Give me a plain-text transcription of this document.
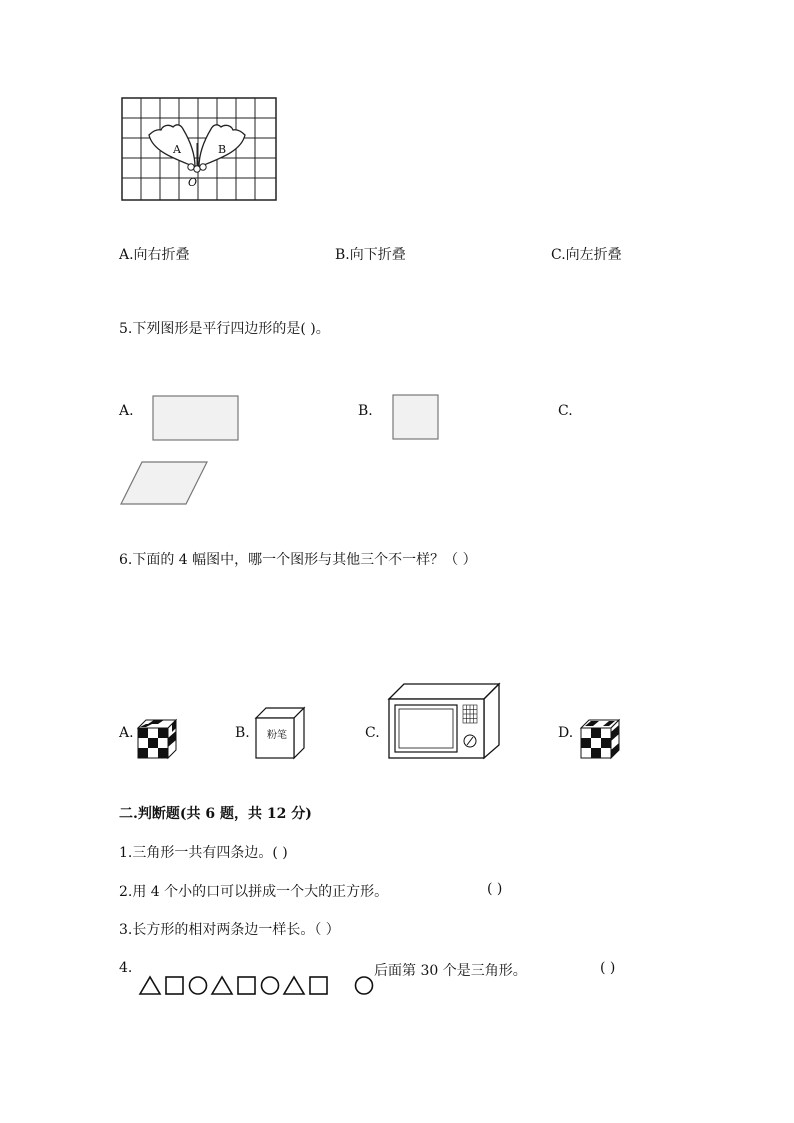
A	B
O
A.向右折叠	B.向下折叠	C.向左折叠
5.下列图形是平行四边形的是( )。
A.	B.	C.
6.下面的 4 幅图中，哪一个图形与其他三个不一样？（ ）
A.	B.	粉笔	C.	D.
二.判断题(共 6 题，共 12 分)
1.三角形一共有四条边。( )
2.用 4 个小的口可以拼成一个大的正方形。	( )
3.长方形的相对两条边一样长。（ ）
4.	后面第 30 个是三角形。	( )
